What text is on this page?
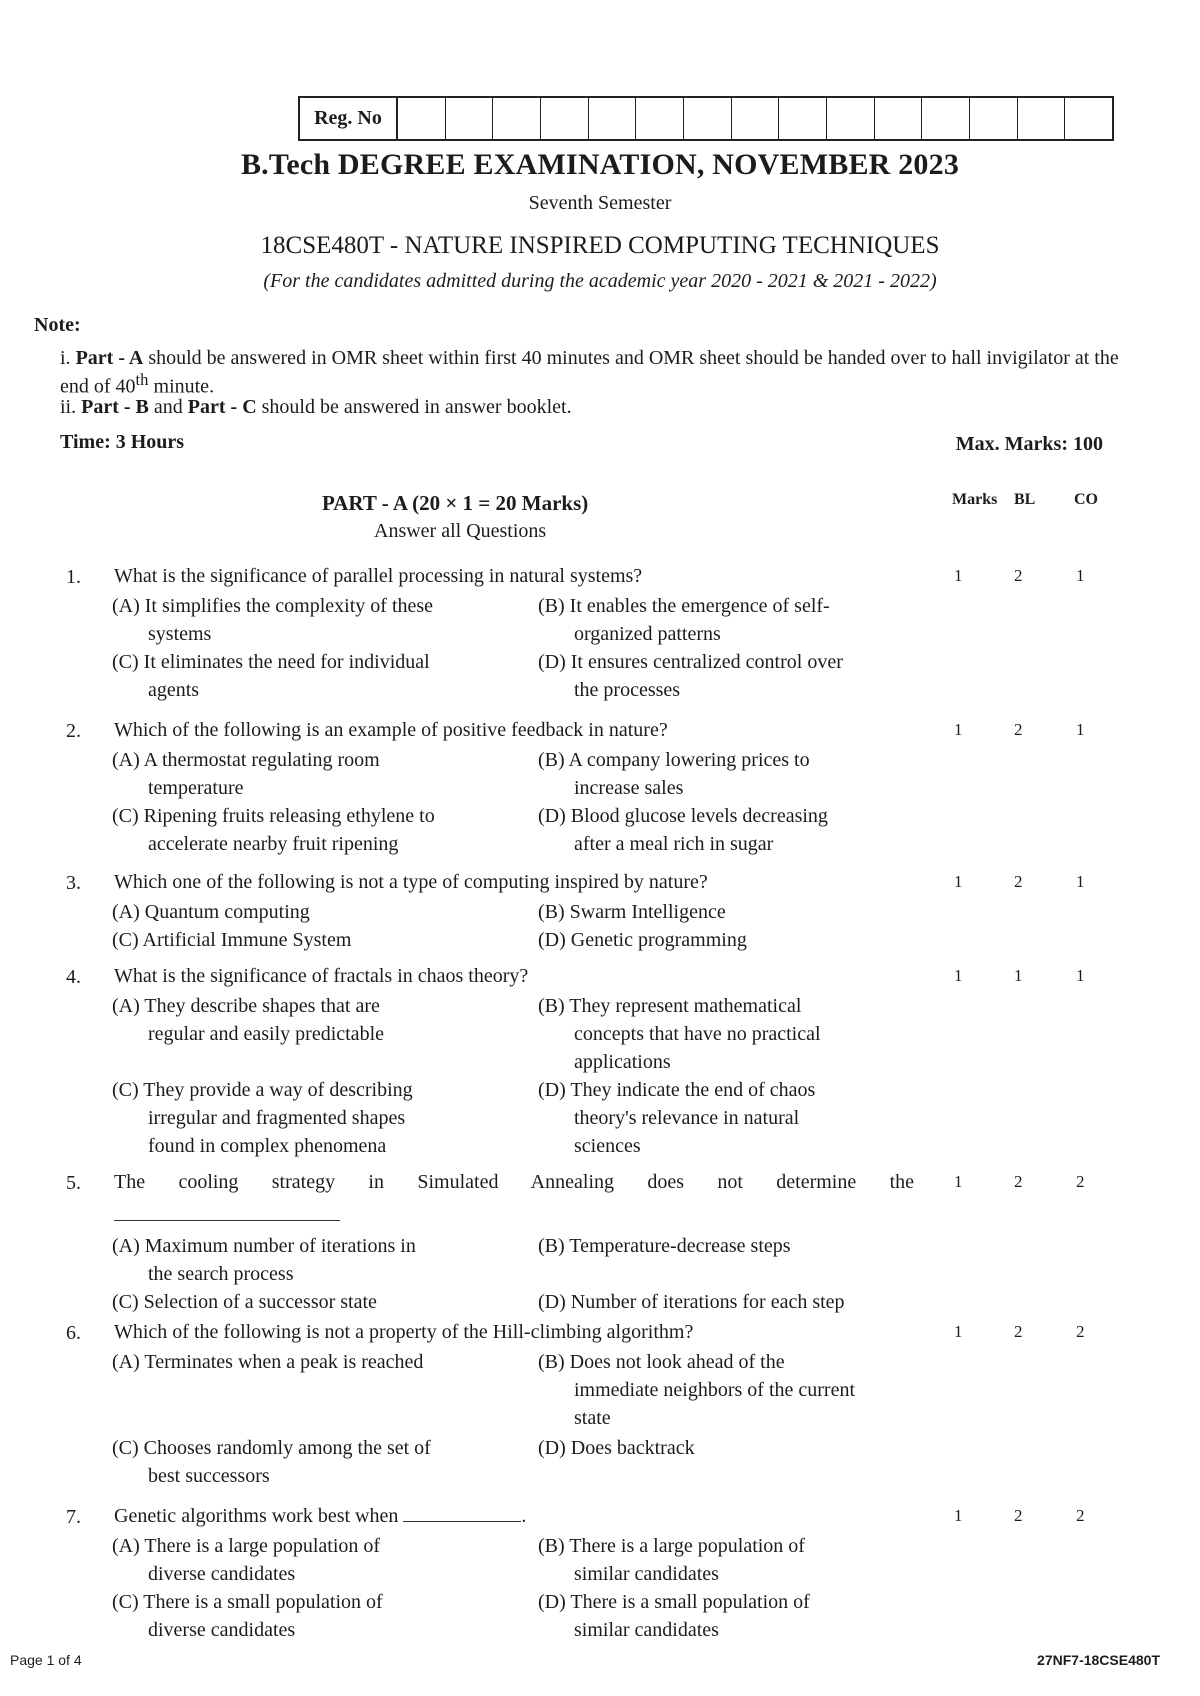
Reg. No
B.Tech DEGREE EXAMINATION, NOVEMBER 2023
Seventh Semester
18CSE480T - NATURE INSPIRED COMPUTING TECHNIQUES
(For the candidates admitted during the academic year 2020 - 2021 & 2021 - 2022)
Note:
i. Part - A should be answered in OMR sheet within first 40 minutes and OMR sheet should be handed over to hall invigilator at the end of 40th minute.
ii. Part - B and Part - C should be answered in answer booklet.
Time: 3 Hours	Max. Marks: 100
PART - A (20 × 1 = 20 Marks)
Answer all Questions
Marks BL CO
1. What is the significance of parallel processing in natural systems?
(A) It simplifies the complexity of these
systems
(B) It enables the emergence of self-
organized patterns
(C) It eliminates the need for individual
agents
(D) It ensures centralized control over
the processes
1	2	1
2. Which of the following is an example of positive feedback in nature?
(A) A thermostat regulating room
temperature
(B) A company lowering prices to
increase sales
(C) Ripening fruits releasing ethylene to
accelerate nearby fruit ripening
(D) Blood glucose levels decreasing
after a meal rich in sugar
1	2	1
3. Which one of the following is not a type of computing inspired by nature?
(A) Quantum computing	(B) Swarm Intelligence
(C) Artificial Immune System	(D) Genetic programming
1	2	1
4. What is the significance of fractals in chaos theory?
(A) They describe shapes that are
regular and easily predictable
(B) They represent mathematical
concepts that have no practical
applications
(C) They provide a way of describing
irregular and fragmented shapes
found in complex phenomena
(D) They indicate the end of chaos
theory's relevance in natural
sciences
1	1	1
5. The cooling strategy in Simulated Annealing does not determine the
(A) Maximum number of iterations in
the search process
(B) Temperature-decrease steps
(C) Selection of a successor state	(D) Number of iterations for each step
1	2	2
6. Which of the following is not a property of the Hill-climbing algorithm?
(A) Terminates when a peak is reached	(B) Does not look ahead of the
immediate neighbors of the current
state
(C) Chooses randomly among the set of
best successors
(D) Does backtrack
1	2	2
7. Genetic algorithms work best when	.
(A) There is a large population of
diverse candidates
(B) There is a large population of
similar candidates
(C) There is a small population of
diverse candidates
(D) There is a small population of
similar candidates
1	2	2
Page 1 of 4	27NF7-18CSE480T
